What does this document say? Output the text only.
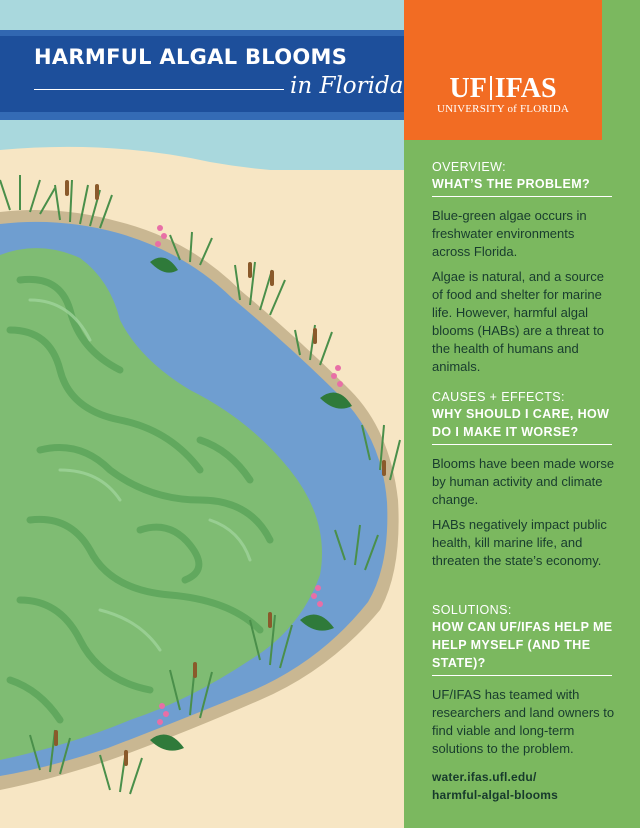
HARMFUL ALGAL BLOOMS
in Florida	UF IFAS
UNIVERSITY of FLORIDA
OVERVIEW:
WHAT’S THE PROBLEM?

Blue-green algae occurs in freshwater environments across Florida.

Algae is natural, and a source of food and shelter for marine life. However, harmful algal blooms (HABs) are a threat to the health of humans and animals.

CAUSES + EFFECTS:
WHY SHOULD I CARE, HOW DO I MAKE IT WORSE?

Blooms have been made worse by human activity and climate change.

HABs negatively impact public health, kill marine life, and threaten the state’s economy.

SOLUTIONS:
HOW CAN UF/IFAS HELP ME HELP MYSELF (AND THE STATE)?

UF/IFAS has teamed with researchers and land owners to find viable and long-term solutions to the problem.

water.ifas.ufl.edu/
harmful-algal-blooms
